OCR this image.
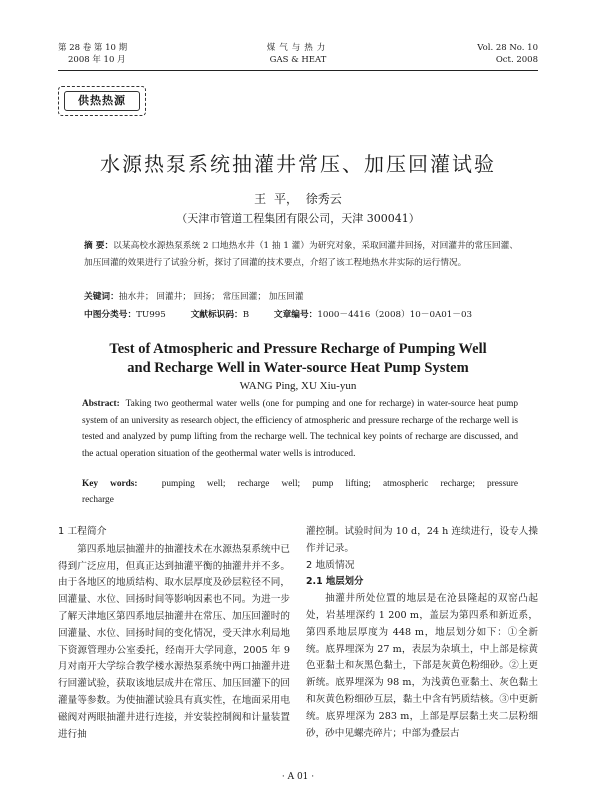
第 28 卷 第 10 期
2008 年 10 月
煤气与热力
GAS & HEAT
Vol. 28 No. 10
Oct. 2008
供热热源
水源热泵系统抽灌井常压、加压回灌试验
王 平， 徐秀云
（天津市管道工程集团有限公司，天津 300041）
摘 要：以某高校水源热泵系统 2 口地热水井（1 抽 1 灌）为研究对象，采取回灌井回扬，对回灌井的常压回灌、加压回灌的效果进行了试验分析，探讨了回灌的技术要点，介绍了该工程地热水井实际的运行情况。
关键词：抽水井； 回灌井； 回扬； 常压回灌； 加压回灌
中图分类号：TU995	文献标识码：B	文章编号：1000－4416（2008）10－0A01－03
Test of Atmospheric and Pressure Recharge of Pumping Well
and Recharge Well in Water-source Heat Pump System
WANG Ping, XU Xiu-yun
Abstract: Taking two geothermal water wells (one for pumping and one for recharge) in water-source heat pump system of an university as research object, the efficiency of atmospheric and pressure recharge of the recharge well is tested and analyzed by pump lifting from the recharge well. The technical key points of recharge are discussed, and the actual operation situation of the geothermal water wells is introduced.
Key words:	pumping well; recharge well; pump lifting; atmospheric recharge; pressure
recharge

1 工程简介

第四系地层抽灌井的抽灌技术在水源热泵系统中已得到广泛应用，但真正达到抽灌平衡的抽灌井并不多。由于各地区的地质结构、取水层厚度及砂层粒径不同，回灌量、水位、回扬时间等影响因素也不同。为进一步了解天津地区第四系地层抽灌井在常压、加压回灌时的回灌量、水位、回扬时间的变化情况，受天津水利局地下资源管理办公室委托，经南开大学同意，2005 年 9 月对南开大学综合教学楼水源热泵系统中两口抽灌井进行回灌试验，获取该地层成井在常压、加压回灌下的回灌量等参数。为使抽灌试验具有真实性，在地面采用电磁阀对两眼抽灌井进行连接，并安装控制阀和计量装置进行抽

灌控制。试验时间为 10 d，24 h 连续进行，设专人操作并记录。

2 地质情况

2.1 地层划分

抽灌井所处位置的地层是在沧县隆起的双窑凸起处，岩基埋深约 1 200 m，盖层为第四系和新近系，第四系地层厚度为 448 m，地层划分如下：①全新统。底界埋深为 27 m，表层为杂填土，中上部是棕黄色亚黏土和灰黑色黏土，下部是灰黄色粉细砂。②上更新统。底界埋深为 98 m，为浅黄色亚黏土、灰色黏土和灰黄色粉细砂互层，黏土中含有钙质结核。③中更新统。底界埋深为 283 m，上部是厚层黏土夹二层粉细砂，砂中见螺壳碎片；中部为叠层古

· A 01 ·
